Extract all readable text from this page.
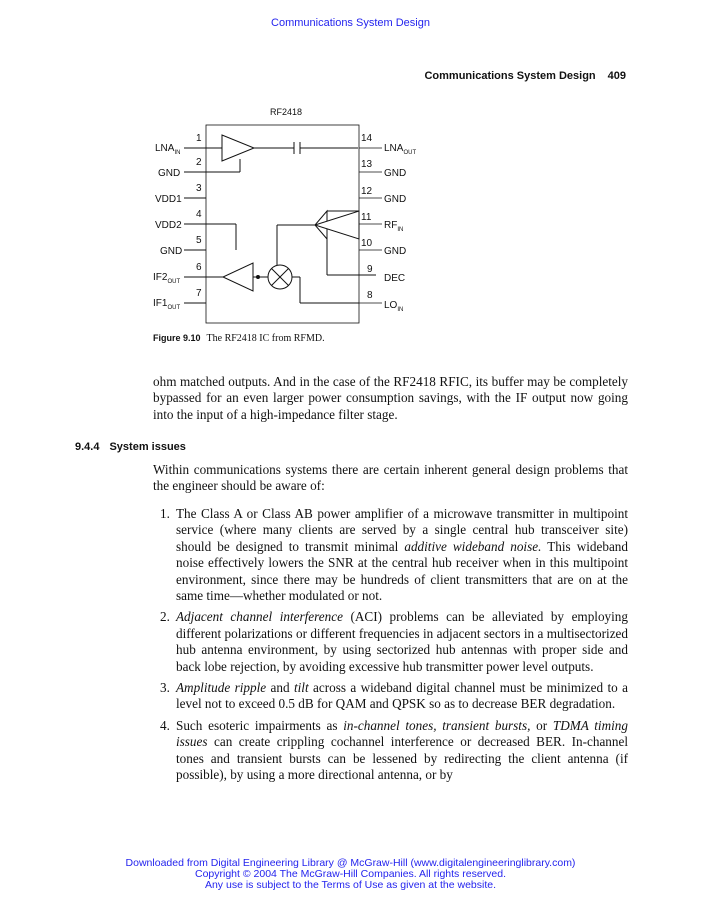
Communications System Design
Communications System Design 409
RF2418
1
$LNA_{IN}$
2
GND
3
VDD1
4
VDD2
5
GND
6
$IF2_{OUT}$
7
$IF1_{OUT}$
14
$LNA_{OUT}$
13
GND
12
GND
11
$RF_{IN}$
10
GND
9
DEC
8
$LO_{IN}$
Figure 9.10 The RF2418 IC from RFMD.

ohm matched outputs. And in the case of the RF2418 RFIC, its buffer may be completely bypassed for an even larger power consumption savings, with the IF output now going into the input of a high-impedance filter stage.

9.4.4 System issues

Within communications systems there are certain inherent general design problems that the engineer should be aware of:

1. The Class A or Class AB power amplifier of a microwave transmitter in multipoint service (where many clients are served by a single central hub transceiver site) should be designed to transmit minimal additive wideband noise. This wideband noise effectively lowers the SNR at the central hub receiver when in this multipoint environment, since there may be hundreds of client transmitters that are on at the same time—whether modulated or not.
2. Adjacent channel interference (ACI) problems can be alleviated by employing different polarizations or different frequencies in adjacent sectors in a multisectorized hub antenna environment, by using sectorized hub antennas with proper side and back lobe rejection, by avoiding excessive hub transmitter power level outputs.
3. Amplitude ripple and tilt across a wideband digital channel must be minimized to a level not to exceed 0.5 dB for QAM and QPSK so as to decrease BER degradation.
4. Such esoteric impairments as in-channel tones, transient bursts, or TDMA timing issues can create crippling cochannel interference or decreased BER. In-channel tones and transient bursts can be lessened by redirecting the client antenna (if possible), by using a more directional antenna, or by
Downloaded from Digital Engineering Library @ McGraw-Hill (www.digitalengineeringlibrary.com)
Copyright © 2004 The McGraw-Hill Companies. All rights reserved.
Any use is subject to the Terms of Use as given at the website.
